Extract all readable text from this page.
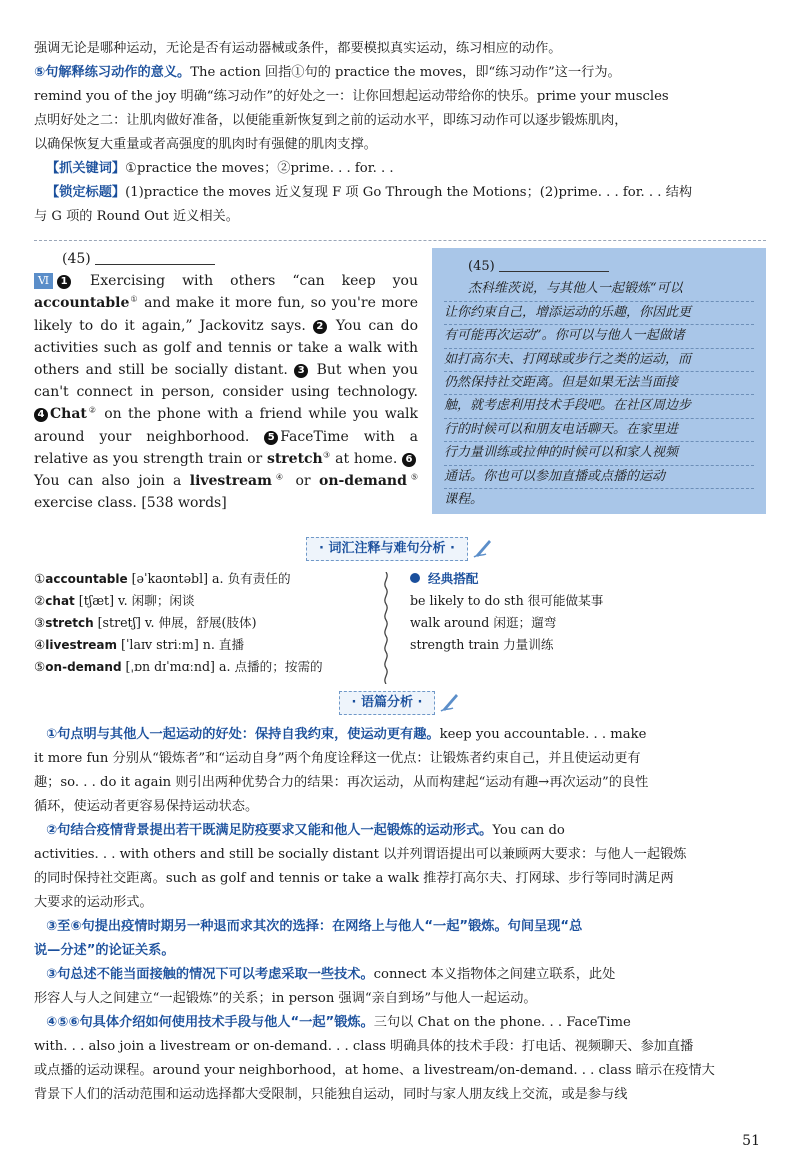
强调无论是哪种运动，无论是否有运动器械或条件，都要模拟真实运动，练习相应的动作。

⑤句解释练习动作的意义。The action 回指①句的 practice the moves，即“练习动作”这一行为。

remind you of the joy 明确“练习动作”的好处之一：让你回想起运动带给你的快乐。prime your muscles

点明好处之二：让肌肉做好准备，以便能重新恢复到之前的运动水平，即练习动作可以逐步锻炼肌肉，

以确保恢复大重量或者高强度的肌肉时有强健的肌肉支撑。

【抓关键词】①practice the moves；②prime. . . for. . .

【锁定标题】(1)practice the moves 近义复现 F 项 Go Through the Motions；(2)prime. . . for. . . 结构

与 G 项的 Round Out 近义相关。

(45)
Ⅵ 1 Exercising with others “can keep you accountable① and make it more fun, so you're more likely to do it again,” Jackovitz says. 2 You can do activities such as golf and tennis or take a walk with others and still be socially distant. 3 But when you can't connect in person, consider using technology. 4 Chat② on the phone with a friend while you walk around your neighborhood. 5 FaceTime with a relative as you strength train or stretch③ at home. 6 You can also join a livestream④ or on-demand⑤ exercise class. [538 words]
(45)
杰科维茨说，与其他人一起锻炼“可以
让你约束自己，增添运动的乐趣，你因此更
有可能再次运动”。你可以与他人一起做诸
如打高尔夫、打网球或步行之类的运动，而
仍然保持社交距离。但是如果无法当面接
触，就考虑利用技术手段吧。在社区周边步
行的时候可以和朋友电话聊天。在家里进
行力量训练或拉伸的时候可以和家人视频
通话。你也可以参加直播或点播的运动
课程。
· 词汇注释与难句分析 ·
①accountable [əˈkaʊntəbl] a. 负有责任的
②chat [tʃæt] v. 闲聊；闲谈
③stretch [stretʃ] v. 伸展，舒展(肢体)
④livestream [ˈlaɪv striːm] n. 直播
⑤on-demand [ˌɒn dɪˈmɑːnd] a. 点播的；按需的
经典搭配
be likely to do sth 很可能做某事
walk around 闲逛；遛弯
strength train 力量训练
· 语篇分析 ·

①句点明与其他人一起运动的好处：保持自我约束，使运动更有趣。keep you accountable. . . make

it more fun 分别从“锻炼者”和“运动自身”两个角度诠释这一优点：让锻炼者约束自己，并且使运动更有

趣；so. . . do it again 则引出两种优势合力的结果：再次运动，从而构建起“运动有趣→再次运动”的良性

循环，使运动者更容易保持运动状态。

②句结合疫情背景提出若干既满足防疫要求又能和他人一起锻炼的运动形式。You can do

activities. . . with others and still be socially distant 以并列谓语提出可以兼顾两大要求：与他人一起锻炼

的同时保持社交距离。such as golf and tennis or take a walk 推荐打高尔夫、打网球、步行等同时满足两

大要求的运动形式。

③至⑥句提出疫情时期另一种退而求其次的选择：在网络上与他人“一起”锻炼。句间呈现“总

说—分述”的论证关系。

③句总述不能当面接触的情况下可以考虑采取一些技术。connect 本义指物体之间建立联系，此处

形容人与人之间建立“一起锻炼”的关系；in person 强调“亲自到场”与他人一起运动。

④⑤⑥句具体介绍如何使用技术手段与他人“一起”锻炼。三句以 Chat on the phone. . . FaceTime

with. . . also join a livestream or on-demand. . . class 明确具体的技术手段：打电话、视频聊天、参加直播

或点播的运动课程。around your neighborhood，at home、a livestream/on-demand. . . class 暗示在疫情大

背景下人们的活动范围和运动选择都大受限制，只能独自运动，同时与家人朋友线上交流，或是参与线

51
